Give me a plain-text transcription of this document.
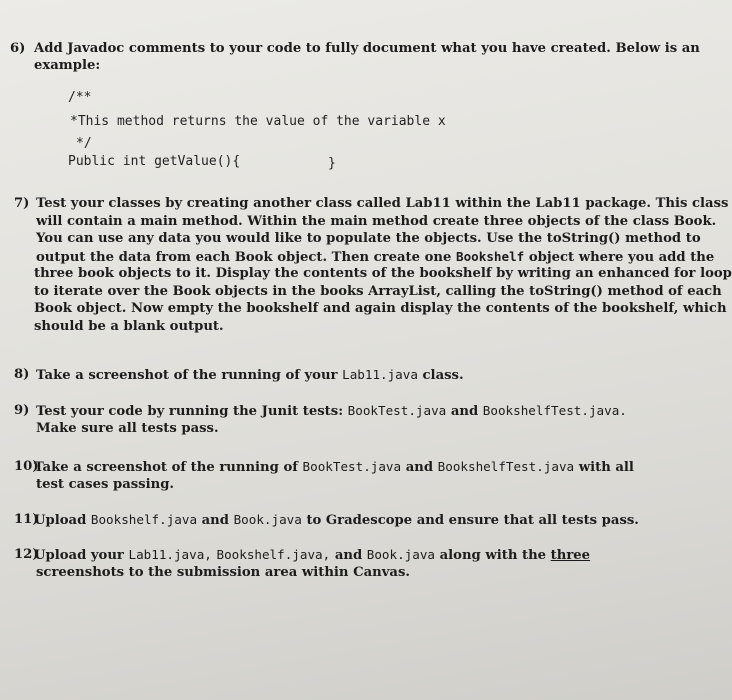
6) Add Javadoc comments to your code to fully document what you have created. Below is an
example:
/**
*This method returns the value of the variable x
*/
Public int getValue(){	}
7) Test your classes by creating another class called Lab11 within the Lab11 package. This class
will contain a main method. Within the main method create three objects of the class Book.
You can use any data you would like to populate the objects. Use the toString() method to
output the data from each Book object. Then create one Bookshelf object where you add the
three book objects to it. Display the contents of the bookshelf by writing an enhanced for loop
to iterate over the Book objects in the books ArrayList, calling the toString() method of each
Book object. Now empty the bookshelf and again display the contents of the bookshelf, which
should be a blank output.
8) Take a screenshot of the running of your Lab11.java class.
9) Test your code by running the Junit tests: BookTest.java and BookshelfTest.java.
Make sure all tests pass.
10)
Take a screenshot of the running of BookTest.java and BookshelfTest.java with all
test cases passing.
11)
Upload Bookshelf.java and Book.java to Gradescope and ensure that all tests pass.
12)
Upload your Lab11.java, Bookshelf.java, and Book.java along with the three
screenshots to the submission area within Canvas.
